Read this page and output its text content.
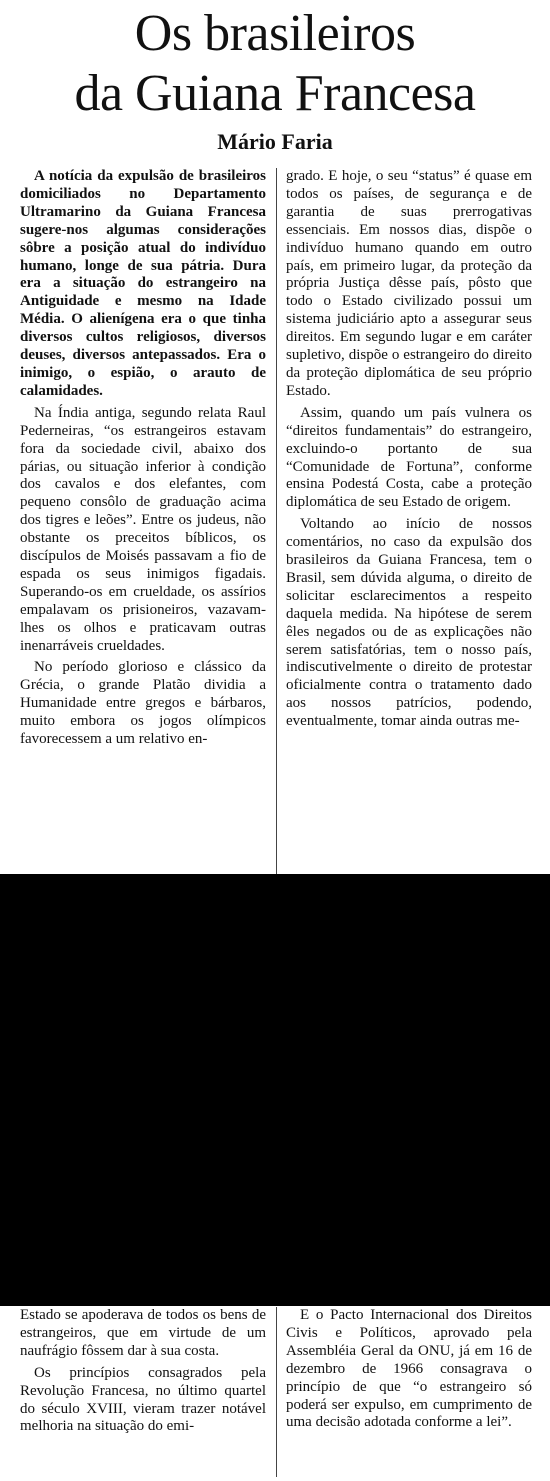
Os brasileiros
da Guiana Francesa
Mário Faria

A notícia da expulsão de brasileiros domiciliados no Departamento Ultramarino da Guiana Francesa sugere-nos algumas considerações sôbre a posição atual do indivíduo humano, longe de sua pátria. Dura era a situação do estrangeiro na Antiguidade e mesmo na Idade Média. O alienígena era o que tinha diversos cultos religiosos, diversos deuses, diversos antepassados. Era o inimigo, o espião, o arauto de calamidades.

Na Índia antiga, segundo relata Raul Pederneiras, “os estrangeiros estavam fora da sociedade civil, abaixo dos párias, ou situação inferior à condição dos cavalos e dos elefantes, com pequeno consôlo de graduação acima dos tigres e leões”. Entre os judeus, não obstante os preceitos bíblicos, os discípulos de Moisés passavam a fio de espada os seus inimigos figadais. Superando-os em crueldade, os assírios empalavam os prisioneiros, vazavam-lhes os olhos e praticavam outras inenarráveis crueldades.

No período glorioso e clássico da Grécia, o grande Platão dividia a Humanidade entre gregos e bárbaros, muito embora os jogos olímpicos favorecessem a um relativo en-

grado. E hoje, o seu “status” é quase em todos os países, de segurança e de garantia de suas prerrogativas essenciais. Em nossos dias, dispõe o indivíduo humano quando em outro país, em primeiro lugar, da proteção da própria Justiça dêsse país, pôsto que todo o Estado civilizado possui um sistema judiciário apto a assegurar seus direitos. Em segundo lugar e em caráter supletivo, dispõe o estrangeiro do direito da proteção diplomática de seu próprio Estado.

Assim, quando um país vulnera os “direitos fundamentais” do estrangeiro, excluindo-o portanto de sua “Comunidade de Fortuna”, conforme ensina Podestá Costa, cabe a proteção diplomática de seu Estado de origem.

Voltando ao início de nossos comentários, no caso da expulsão dos brasileiros da Guiana Francesa, tem o Brasil, sem dúvida alguma, o direito de solicitar esclarecimentos a respeito daquela medida. Na hipótese de serem êles negados ou de as explicações não serem satisfatórias, tem o nosso país, indiscutivelmente o direito de protestar oficialmente contra o tratamento dado aos nossos patrícios, podendo, eventualmente, tomar ainda outras me-

Estado se apoderava de todos os bens de estrangeiros, que em virtude de um naufrágio fôssem dar à sua costa.

Os princípios consagrados pela Revolução Francesa, no último quartel do século XVIII, vieram trazer notável melhoria na situação do emi-

E o Pacto Internacional dos Direitos Civis e Políticos, aprovado pela Assembléia Geral da ONU, já em 16 de dezembro de 1966 consagrava o princípio de que “o estrangeiro só poderá ser expulso, em cumprimento de uma decisão adotada conforme a lei”.
